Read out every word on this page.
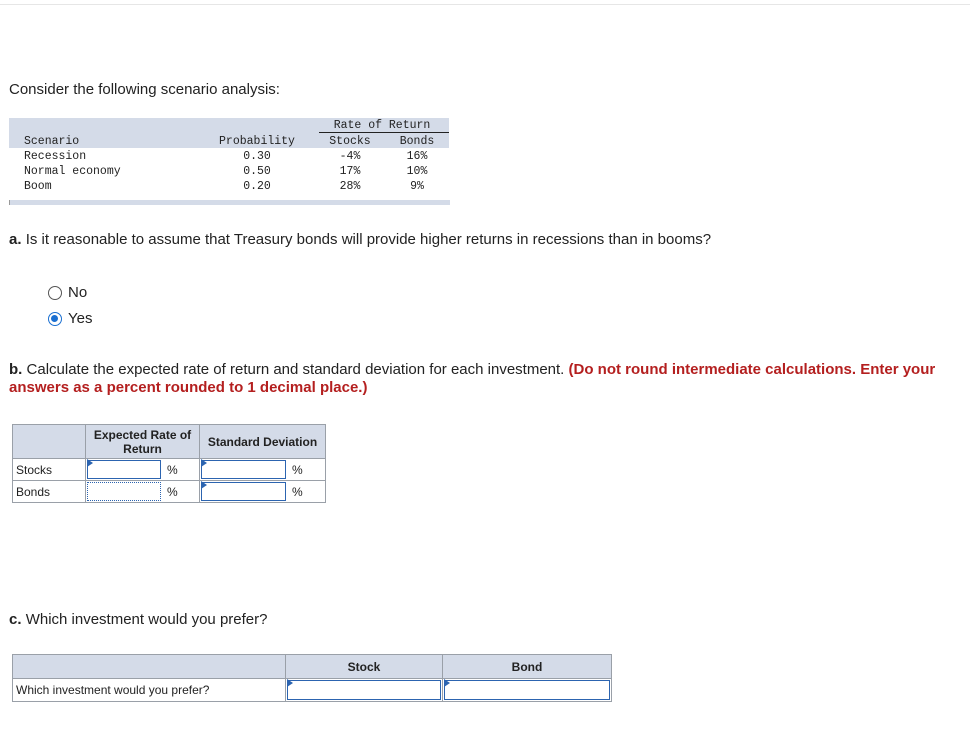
Consider the following scenario analysis:
Rate of Return
Scenario	Probability	Stocks	Bonds
Recession	0.30	-4%	16%
Normal economy	0.50	17%	10%
Boom	0.20	28%	9%
a. Is it reasonable to assume that Treasury bonds will provide higher returns in recessions than in booms?
No
Yes
b. Calculate the expected rate of return and standard deviation for each investment. (Do not round intermediate calculations. Enter your answers as a percent rounded to 1 decimal place.)
	Expected Rate of Return	Standard Deviation
Stocks	%	%

Bonds	%	%
c. Which investment would you prefer?
	Stock	Bond
Which investment would you prefer?	
